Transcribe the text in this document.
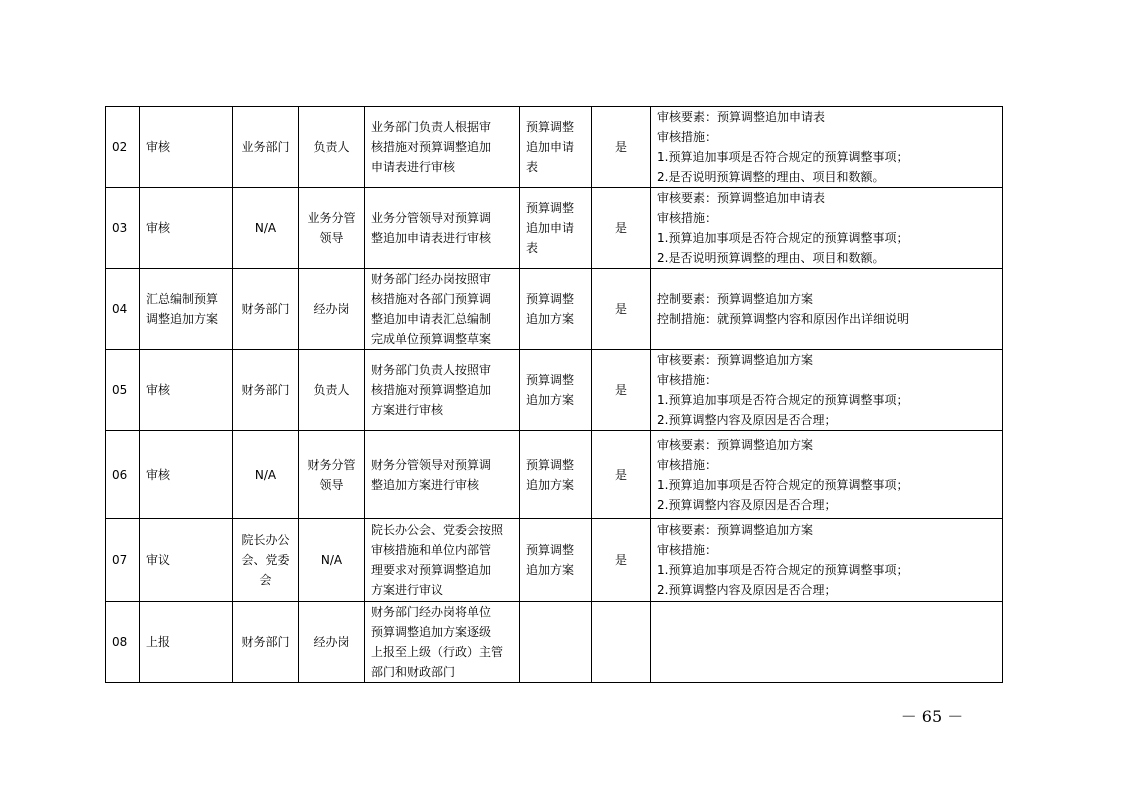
02	审核	业务部门	负责人	业务部门负责人根据审
核措施对预算调整追加
申请表进行审核	预算调整追加申请表	是	审核要素：预算调整追加申请表
审核措施：
1.预算追加事项是否符合规定的预算调整事项；
2.是否说明预算调整的理由、项目和数额。

03	审核	N/A	业务分管领导	业务分管领导对预算调
整追加申请表进行审核	预算调整追加申请表	是	审核要素：预算调整追加申请表
审核措施：
1.预算追加事项是否符合规定的预算调整事项；
2.是否说明预算调整的理由、项目和数额。

04	汇总编制预算调整追加方案	财务部门	经办岗	财务部门经办岗按照审
核措施对各部门预算调
整追加申请表汇总编制
完成单位预算调整草案	预算调整追加方案	是	控制要素：预算调整追加方案
控制措施：就预算调整内容和原因作出详细说明

05	审核	财务部门	负责人	财务部门负责人按照审
核措施对预算调整追加
方案进行审核	预算调整追加方案	是	审核要素：预算调整追加方案
审核措施：
1.预算追加事项是否符合规定的预算调整事项；
2.预算调整内容及原因是否合理；

06	审核	N/A	财务分管领导	财务分管领导对预算调
整追加方案进行审核	预算调整追加方案	是	审核要素：预算调整追加方案
审核措施：
1.预算追加事项是否符合规定的预算调整事项；
2.预算调整内容及原因是否合理；

07	审议	院长办公会、党委会	N/A	院长办公会、党委会按照
审核措施和单位内部管
理要求对预算调整追加
方案进行审议	预算调整追加方案	是	审核要素：预算调整追加方案
审核措施：
1.预算追加事项是否符合规定的预算调整事项；
2.预算调整内容及原因是否合理；

08	上报	财务部门	经办岗	财务部门经办岗将单位
预算调整追加方案逐级
上报至上级（行政）主管
部门和财政部门			

－ 65 －
